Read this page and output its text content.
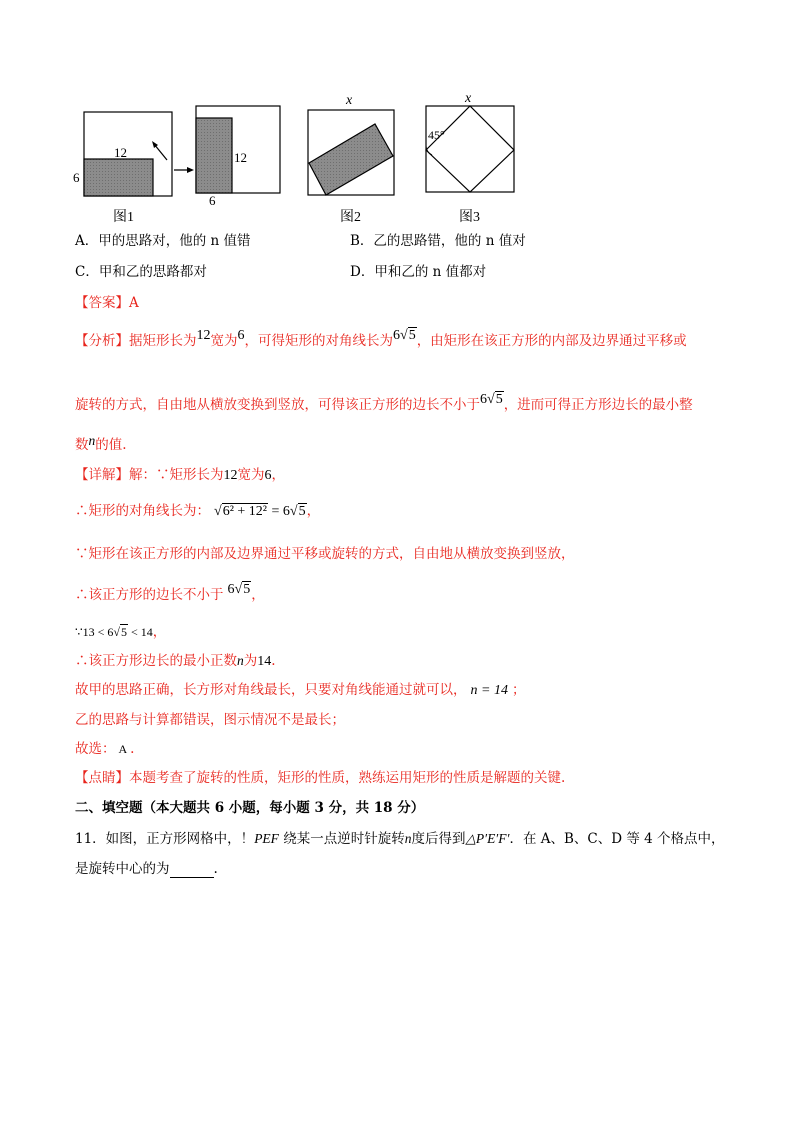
12
6
12
6
图1
x
图2
x
45°
图3
A．甲的思路对，他的 n 值错	B．乙的思路错，他的 n 值对
C．甲和乙的思路都对	D．甲和乙的 n 值都对
【答案】A
【分析】据矩形长为12宽为6，可得矩形的对角线长为6√5，由矩形在该正方形的内部及边界通过平移或
旋转的方式，自由地从横放变换到竖放，可得该正方形的边长不小于6√5，进而可得正方形边长的最小整
数n的值.
【详解】解：∵矩形长为12宽为6，
∴矩形的对角线长为： √6² + 12² = 6√5，
∵矩形在该正方形的内部及边界通过平移或旋转的方式，自由地从横放变换到竖放，
∴该正方形的边长不小于 6√5，
∵13 < 6√5 < 14，
∴该正方形边长的最小正数n为14.
故甲的思路正确，长方形对角线最长，只要对角线能通过就可以， n = 14 ；
乙的思路与计算都错误，图示情况不是最长；
故选： A .
【点睛】本题考查了旋转的性质，矩形的性质，熟练运用矩形的性质是解题的关键.
二、填空题（本大题共 6 小题，每小题 3 分，共 18 分）
11．如图，正方形网格中，！PEF 绕某一点逆时针旋转n度后得到△P′E′F′．在 A、B、C、D 等 4 个格点中，
是旋转中心的为	.
